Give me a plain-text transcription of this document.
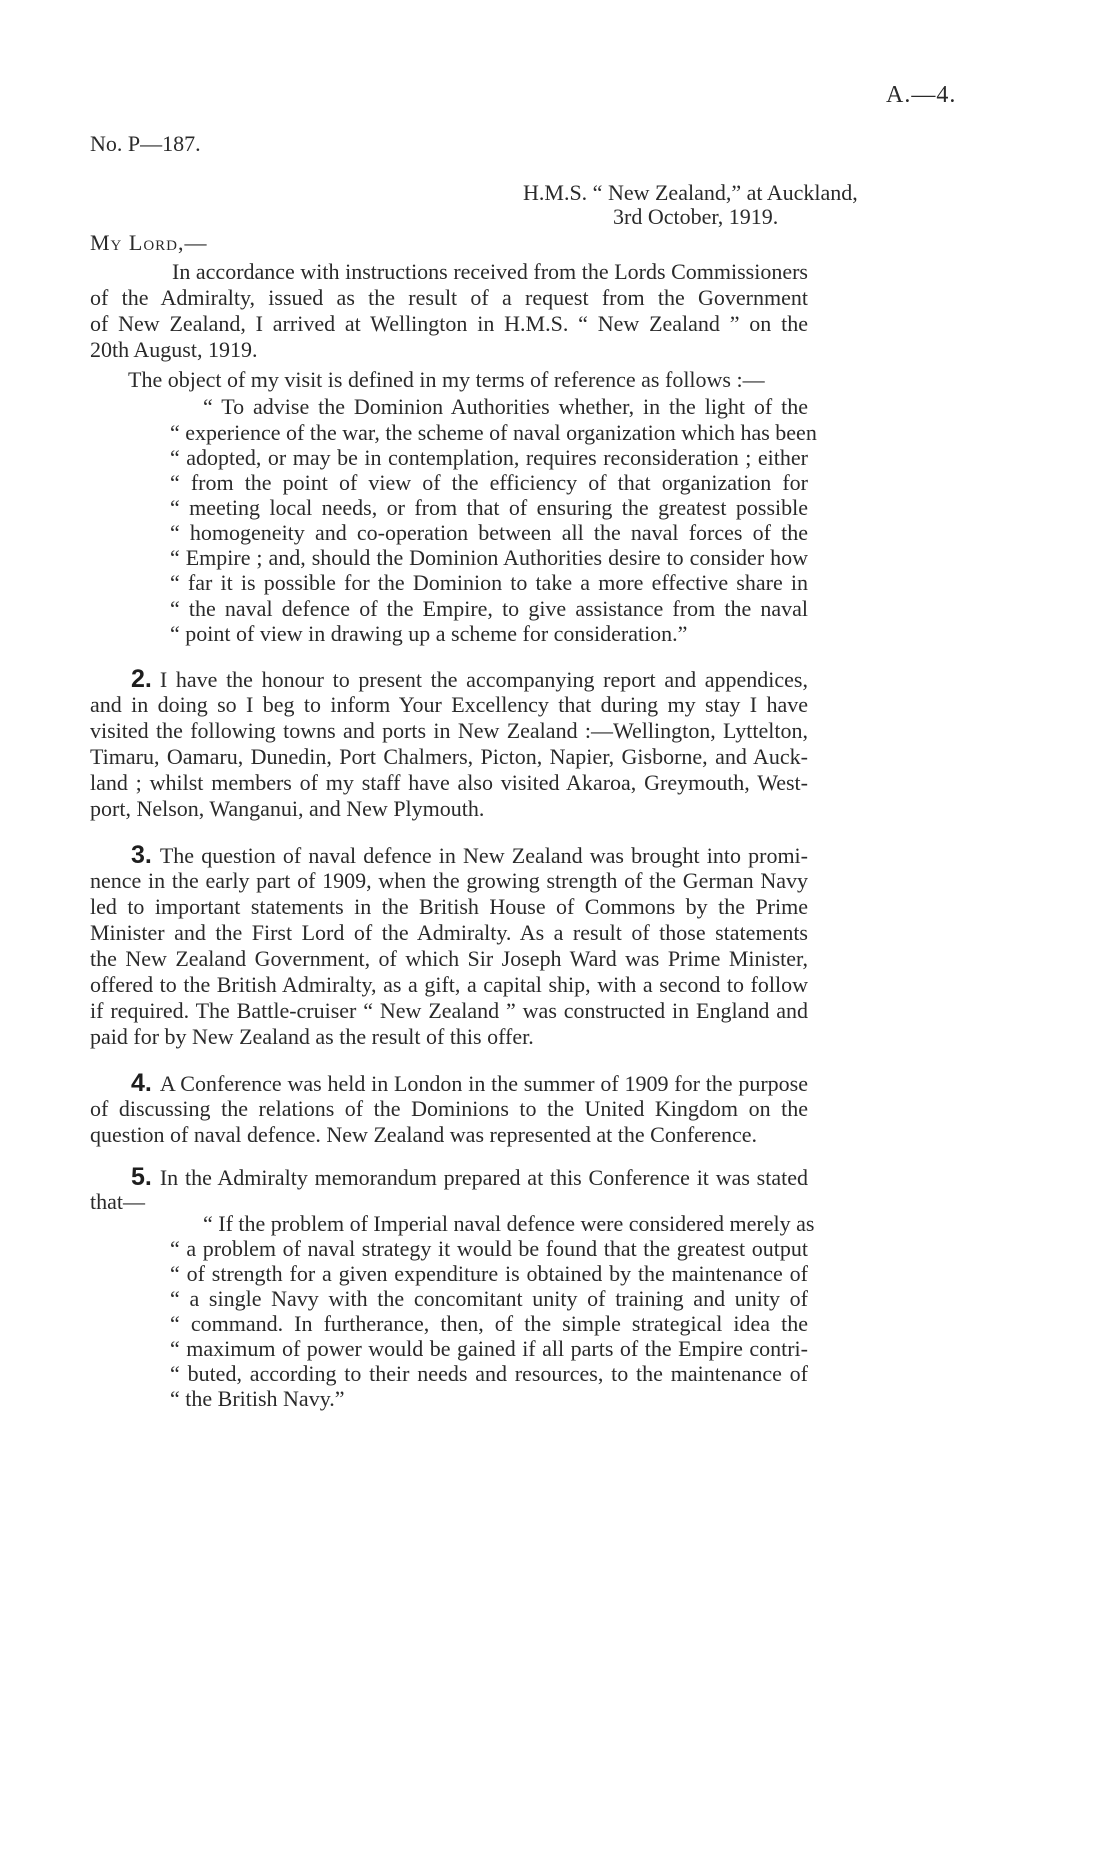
A.—4.
No. P—187.
H.M.S. “ New Zealand,” at Auckland,
3rd October, 1919.
My Lord,—
In accordance with instructions received from the Lords Commissioners
of the Admiralty, issued as the result of a request from the Government
of New Zealand, I arrived at Wellington in H.M.S. “ New Zealand ” on the
20th August, 1919.
The object of my visit is defined in my terms of reference as follows :—
“ To advise the Dominion Authorities whether, in the light of the
“ experience of the war, the scheme of naval organization which has been
“ adopted, or may be in contemplation, requires reconsideration ; either
“ from the point of view of the efficiency of that organization for
“ meeting local needs, or from that of ensuring the greatest possible
“ homogeneity and co-operation between all the naval forces of the
“ Empire ; and, should the Dominion Authorities desire to consider how
“ far it is possible for the Dominion to take a more effective share in
“ the naval defence of the Empire, to give assistance from the naval
“ point of view in drawing up a scheme for consideration.”
2. I have the honour to present the accompanying report and appendices,
and in doing so I beg to inform Your Excellency that during my stay I have
visited the following towns and ports in New Zealand :—Wellington, Lyttelton,
Timaru, Oamaru, Dunedin, Port Chalmers, Picton, Napier, Gisborne, and Auck-
land ; whilst members of my staff have also visited Akaroa, Greymouth, West-
port, Nelson, Wanganui, and New Plymouth.
3. The question of naval defence in New Zealand was brought into promi-
nence in the early part of 1909, when the growing strength of the German Navy
led to important statements in the British House of Commons by the Prime
Minister and the First Lord of the Admiralty. As a result of those statements
the New Zealand Government, of which Sir Joseph Ward was Prime Minister,
offered to the British Admiralty, as a gift, a capital ship, with a second to follow
if required. The Battle-cruiser “ New Zealand ” was constructed in England and
paid for by New Zealand as the result of this offer.
4. A Conference was held in London in the summer of 1909 for the purpose
of discussing the relations of the Dominions to the United Kingdom on the
question of naval defence. New Zealand was represented at the Conference.
5. In the Admiralty memorandum prepared at this Conference it was stated
that—
“ If the problem of Imperial naval defence were considered merely as
“ a problem of naval strategy it would be found that the greatest output
“ of strength for a given expenditure is obtained by the maintenance of
“ a single Navy with the concomitant unity of training and unity of
“ command. In furtherance, then, of the simple strategical idea the
“ maximum of power would be gained if all parts of the Empire contri-
“ buted, according to their needs and resources, to the maintenance of
“ the British Navy.”
